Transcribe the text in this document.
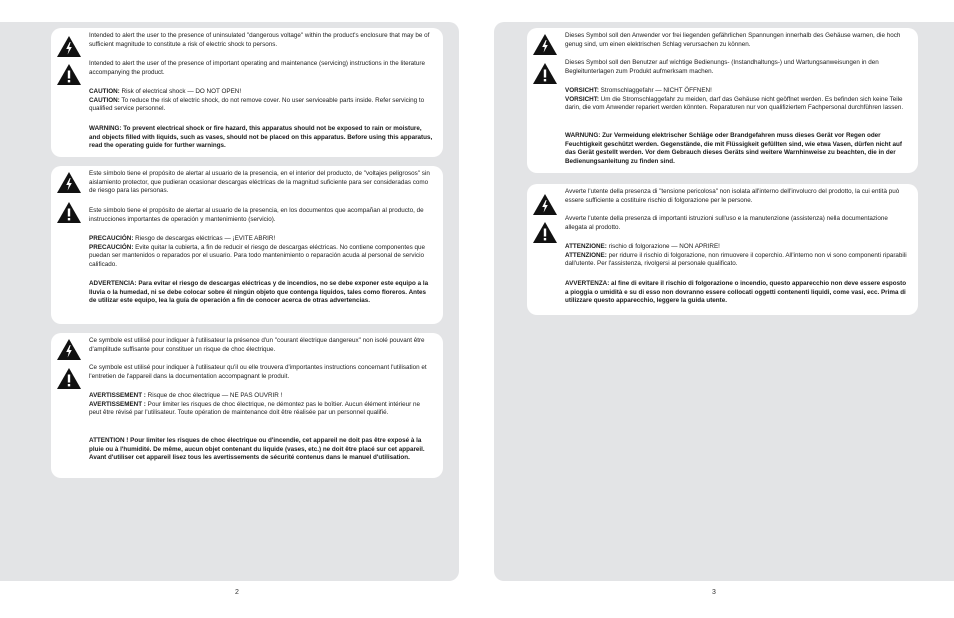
Intended to alert the user to the presence of uninsulated "dangerous voltage" within the product's enclosure that may be of sufficient magnitude to constitute a risk of electric shock to persons.

Intended to alert the user of the presence of important operating and maintenance (servicing) instructions in the literature accompanying the product.

CAUTION: Risk of electrical shock — DO NOT OPEN!

CAUTION: To reduce the risk of electric shock, do not remove cover. No user serviceable parts inside. Refer servicing to qualified service personnel.

WARNING: To prevent electrical shock or fire hazard, this apparatus should not be exposed to rain or moisture, and objects filled with liquids, such as vases, should not be placed on this apparatus. Before using this apparatus, read the operating guide for further warnings.

Este símbolo tiene el propósito de alertar al usuario de la presencia, en el interior del producto, de "voltajes peligrosos" sin aislamiento protector, que pudieran ocasionar descargas eléctricas de la magnitud suficiente para ser consideradas como de riesgo para las personas.

Este símbolo tiene el propósito de alertar al usuario de la presencia, en los documentos que acompañan al producto, de instrucciones importantes de operación y mantenimiento (servicio).

PRECAUCIÓN: Riesgo de descargas eléctricas — ¡EVITE ABRIR!

PRECAUCIÓN: Evite quitar la cubierta, a fin de reducir el riesgo de descargas eléctricas. No contiene componentes que puedan ser mantenidos o reparados por el usuario. Para todo mantenimiento o reparación acuda al personal de servicio calificado.

ADVERTENCIA: Para evitar el riesgo de descargas eléctricas y de incendios, no se debe exponer este equipo a la lluvia o la humedad, ni se debe colocar sobre él ningún objeto que contenga líquidos, tales como floreros. Antes de utilizar este equipo, lea la guía de operación a fin de conocer acerca de otras advertencias.

Ce symbole est utilisé pour indiquer à l'utilisateur la présence d'un "courant électrique dangereux" non isolé pouvant être d'amplitude suffisante pour constituer un risque de choc électrique.

Ce symbole est utilisé pour indiquer à l'utilisateur qu'il ou elle trouvera d'importantes instructions concernant l'utilisation et l'entretien de l'appareil dans la documentation accompagnant le produit.

AVERTISSEMENT : Risque de choc électrique — NE PAS OUVRIR !

AVERTISSEMENT : Pour limiter les risques de choc électrique, ne démontez pas le boîtier. Aucun élément intérieur ne peut être révisé par l'utilisateur. Toute opération de maintenance doit être réalisée par un personnel qualifié.

ATTENTION ! Pour limiter les risques de choc électrique ou d'incendie, cet appareil ne doit pas être exposé à la pluie ou à l'humidité. De même, aucun objet contenant du liquide (vases, etc.) ne doit être placé sur cet appareil. Avant d'utiliser cet appareil lisez tous les avertissements de sécurité contenus dans le manuel d'utilisation.

2

Dieses Symbol soll den Anwender vor frei liegenden gefährlichen Spannungen innerhalb des Gehäuse warnen, die hoch genug sind, um einen elektrischen Schlag verursachen zu können.

Dieses Symbol soll den Benutzer auf wichtige Bedienungs- (Instandhaltungs-) und Wartungsanweisungen in den Begleitunterlagen zum Produkt aufmerksam machen.

VORSICHT: Stromschlaggefahr — NICHT ÖFFNEN!

VORSICHT: Um die Stromschlaggefahr zu meiden, darf das Gehäuse nicht geöffnet werden. Es befinden sich keine Teile darin, die vom Anwender repariert werden könnten. Reparaturen nur von qualifiziertem Fachpersonal durchführen lassen.

WARNUNG: Zur Vermeidung elektrischer Schläge oder Brandgefahren muss dieses Gerät vor Regen oder Feuchtigkeit geschützt werden. Gegenstände, die mit Flüssigkeit gefüllten sind, wie etwa Vasen, dürfen nicht auf das Gerät gestellt werden. Vor dem Gebrauch dieses Geräts sind weitere Warnhinweise zu beachten, die in der Bedienungsanleitung zu finden sind.

Avverte l'utente della presenza di "tensione pericolosa" non isolata all'interno dell'involucro del prodotto, la cui entità può essere sufficiente a costituire rischio di folgorazione per le persone.

Avverte l'utente della presenza di importanti istruzioni sull'uso e la manutenzione (assistenza) nella documentazione allegata al prodotto.

ATTENZIONE: rischio di folgorazione — NON APRIRE!

ATTENZIONE: per ridurre il rischio di folgorazione, non rimuovere il coperchio. All'interno non vi sono componenti riparabili dall'utente. Per l'assistenza, rivolgersi al personale qualificato.

AVVERTENZA: al fine di evitare il rischio di folgorazione o incendio, questo apparecchio non deve essere esposto a pioggia o umidità e su di esso non dovranno essere collocati oggetti contenenti liquidi, come vasi, ecc. Prima di utilizzare questo apparecchio, leggere la guida utente.

3
